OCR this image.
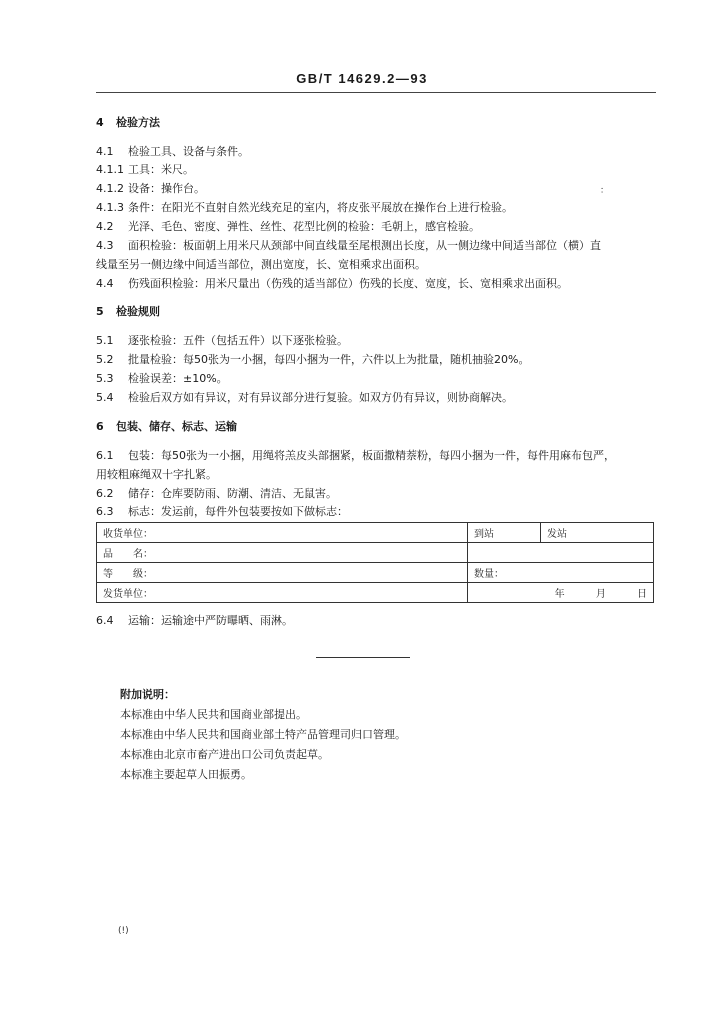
GB/T 14629.2—93
4 检验方法
4.1 检验工具、设备与条件。
4.1.1 工具：米尺。
4.1.2 设备：操作台。
4.1.3 条件：在阳光不直射自然光线充足的室内，将皮张平展放在操作台上进行检验。
4.2 光泽、毛色、密度、弹性、丝性、花型比例的检验：毛朝上，感官检验。
4.3 面积检验：板面朝上用米尺从颈部中间直线量至尾根测出长度，从一侧边缘中间适当部位（横）直
线量至另一侧边缘中间适当部位，测出宽度，长、宽相乘求出面积。
4.4 伤残面积检验：用米尺量出（伤残的适当部位）伤残的长度、宽度，长、宽相乘求出面积。
5 检验规则
5.1 逐张检验：五件（包括五件）以下逐张检验。
5.2 批量检验：每50张为一小捆，每四小捆为一件，六件以上为批量，随机抽验20%。
5.3 检验误差：±10%。
5.4 检验后双方如有异议，对有异议部分进行复验。如双方仍有异议，则协商解决。
6 包装、储存、标志、运输
6.1 包装：每50张为一小捆，用绳将羔皮头部捆紧，板面撒精萘粉，每四小捆为一件，每件用麻布包严，
用较粗麻绳双十字扎紧。
6.2 储存：仓库要防雨、防潮、清洁、无鼠害。
6.3 标志：发运前，每件外包装要按如下做标志：
：
收货单位：	到站	发站
品　　名：		
等　　级：	数量：	
发货单位：	年 月 日	
6.4 运输：运输途中严防曝晒、雨淋。
附加说明：
本标准由中华人民共和国商业部提出。
本标准由中华人民共和国商业部土特产品管理司归口管理。
本标准由北京市畜产进出口公司负责起草。
本标准主要起草人田振勇。
(!)
